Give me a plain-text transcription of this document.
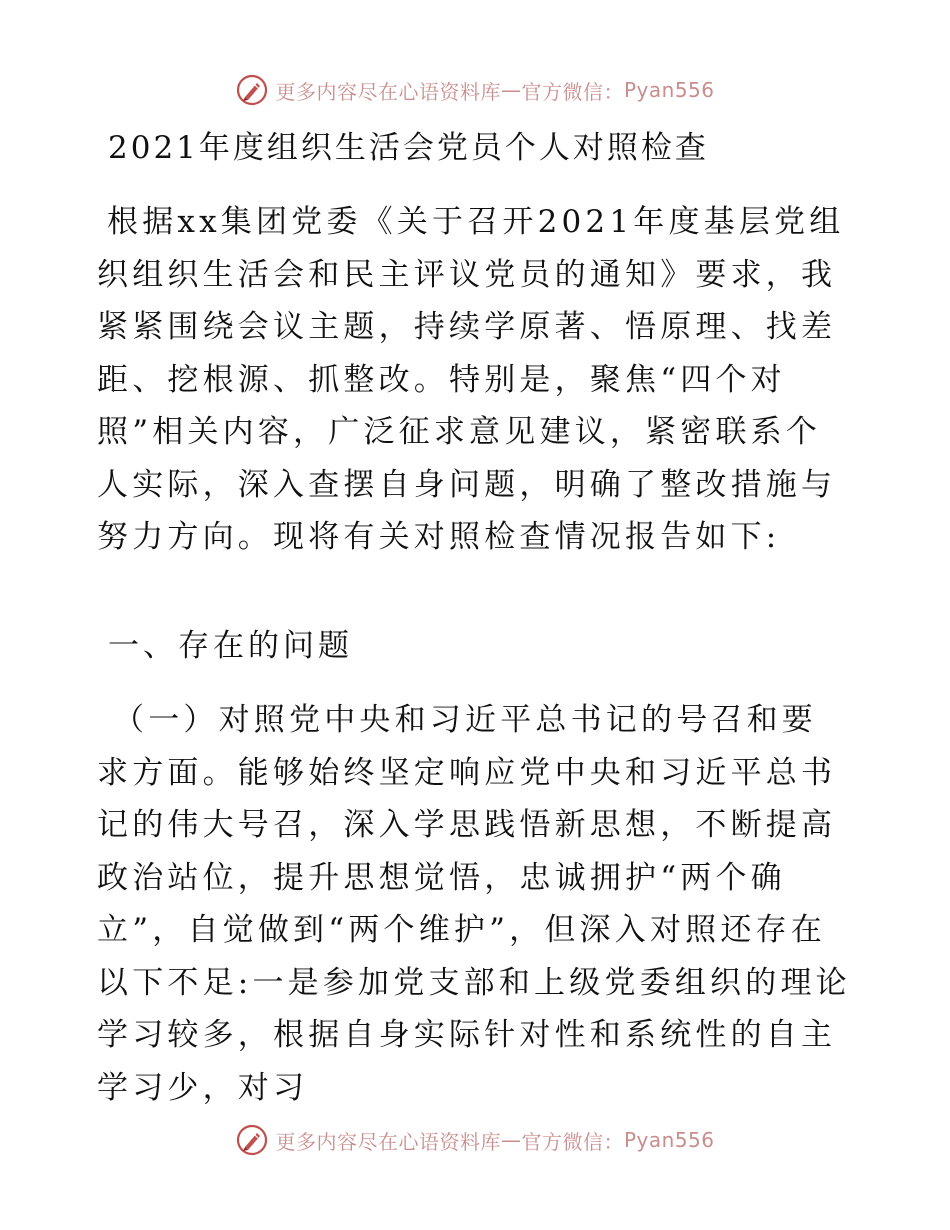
更多内容尽在心语资料库 — 官方微信： Pyan556
2021年度组织生活会党员个人对照检查

根据xx集团党委《关于召开2021年度基层党组织组织生活会和民主评议党员的通知》要求，我紧紧围绕会议主题，持续学原著、悟原理、找差距、挖根源、抓整改。特别是，聚焦“四个对照”相关内容，广泛征求意见建议，紧密联系个人实际，深入查摆自身问题，明确了整改措施与努力方向。现将有关对照检查情况报告如下:

一、存在的问题

（一）对照党中央和习近平总书记的号召和要求方面。能够始终坚定响应党中央和习近平总书记的伟大号召，深入学思践悟新思想，不断提高政治站位，提升思想觉悟，忠诚拥护“两个确立”，自觉做到“两个维护”，但深入对照还存在以下不足:一是参加党支部和上级党委组织的理论学习较多，根据自身实际针对性和系统性的自主学习少，对习

更多内容尽在心语资料库 — 官方微信： Pyan556
